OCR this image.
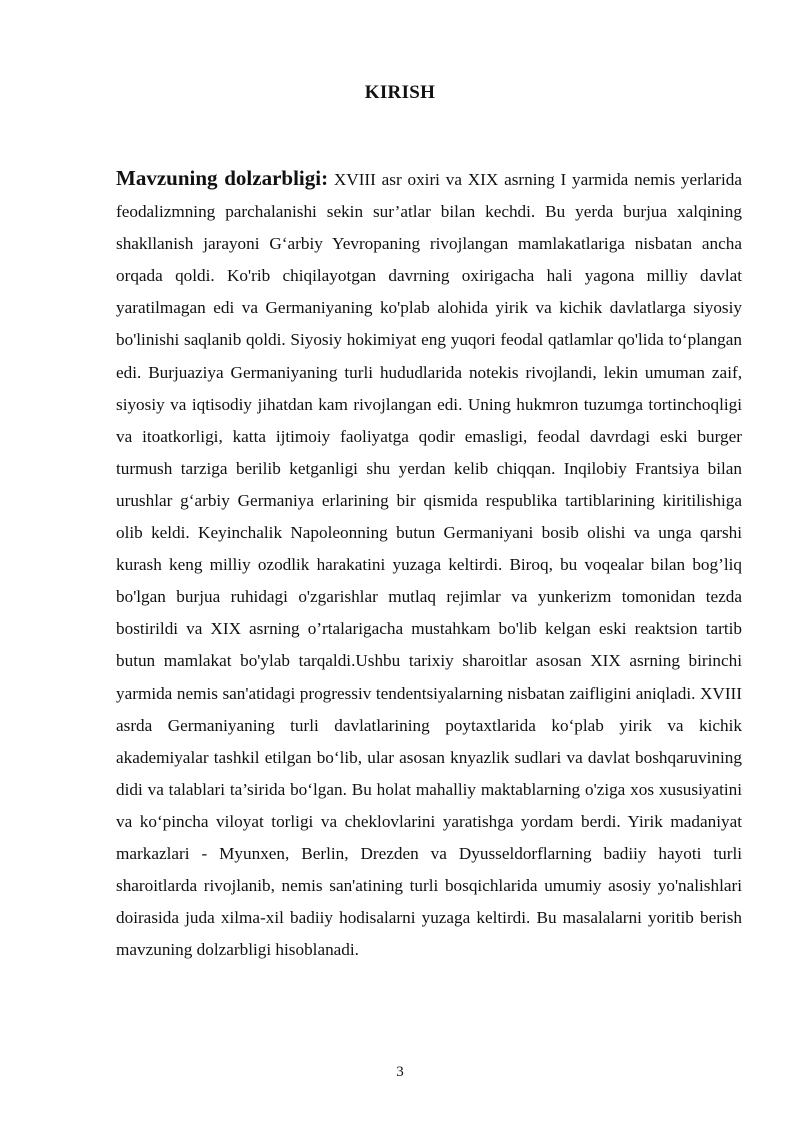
KIRISH

Mavzuning dolzarbligi: XVIII asr oxiri va XIX asrning I yarmida nemis yerlarida feodalizmning parchalanishi sekin sur’atlar bilan kechdi. Bu yerda burjua xalqining shakllanish jarayoni G‘arbiy Yevropaning rivojlangan mamlakatlariga nisbatan ancha orqada qoldi. Ko'rib chiqilayotgan davrning oxirigacha hali yagona milliy davlat yaratilmagan edi va Germaniyaning ko'plab alohida yirik va kichik davlatlarga siyosiy bo'linishi saqlanib qoldi. Siyosiy hokimiyat eng yuqori feodal qatlamlar qo'lida to‘plangan edi. Burjuaziya Germaniyaning turli hududlarida notekis rivojlandi, lekin umuman zaif, siyosiy va iqtisodiy jihatdan kam rivojlangan edi. Uning hukmron tuzumga tortinchoqligi va itoatkorligi, katta ijtimoiy faoliyatga qodir emasligi, feodal davrdagi eski burger turmush tarziga berilib ketganligi shu yerdan kelib chiqqan. Inqilobiy Frantsiya bilan urushlar g‘arbiy Germaniya erlarining bir qismida respublika tartiblarining kiritilishiga olib keldi. Keyinchalik Napoleonning butun Germaniyani bosib olishi va unga qarshi kurash keng milliy ozodlik harakatini yuzaga keltirdi. Biroq, bu voqealar bilan bog’liq bo'lgan burjua ruhidagi o'zgarishlar mutlaq rejimlar va yunkerizm tomonidan tezda bostirildi va XIX asrning o’rtalarigacha mustahkam bo'lib kelgan eski reaktsion tartib butun mamlakat bo'ylab tarqaldi.Ushbu tarixiy sharoitlar asosan XIX asrning birinchi yarmida nemis san'atidagi progressiv tendentsiyalarning nisbatan zaifligini aniqladi. XVIII asrda Germaniyaning turli davlatlarining poytaxtlarida ko‘plab yirik va kichik akademiyalar tashkil etilgan bo‘lib, ular asosan knyazlik sudlari va davlat boshqaruvining didi va talablari ta’sirida bo‘lgan. Bu holat mahalliy maktablarning o'ziga xos xususiyatini va ko‘pincha viloyat torligi va cheklovlarini yaratishga yordam berdi. Yirik madaniyat markazlari - Myunxen, Berlin, Drezden va Dyusseldorflarning badiiy hayoti turli sharoitlarda rivojlanib, nemis san'atining turli bosqichlarida umumiy asosiy yo'nalishlari doirasida juda xilma-xil badiiy hodisalarni yuzaga keltirdi. Bu masalalarni yoritib berish mavzuning dolzarbligi hisoblanadi.

3
